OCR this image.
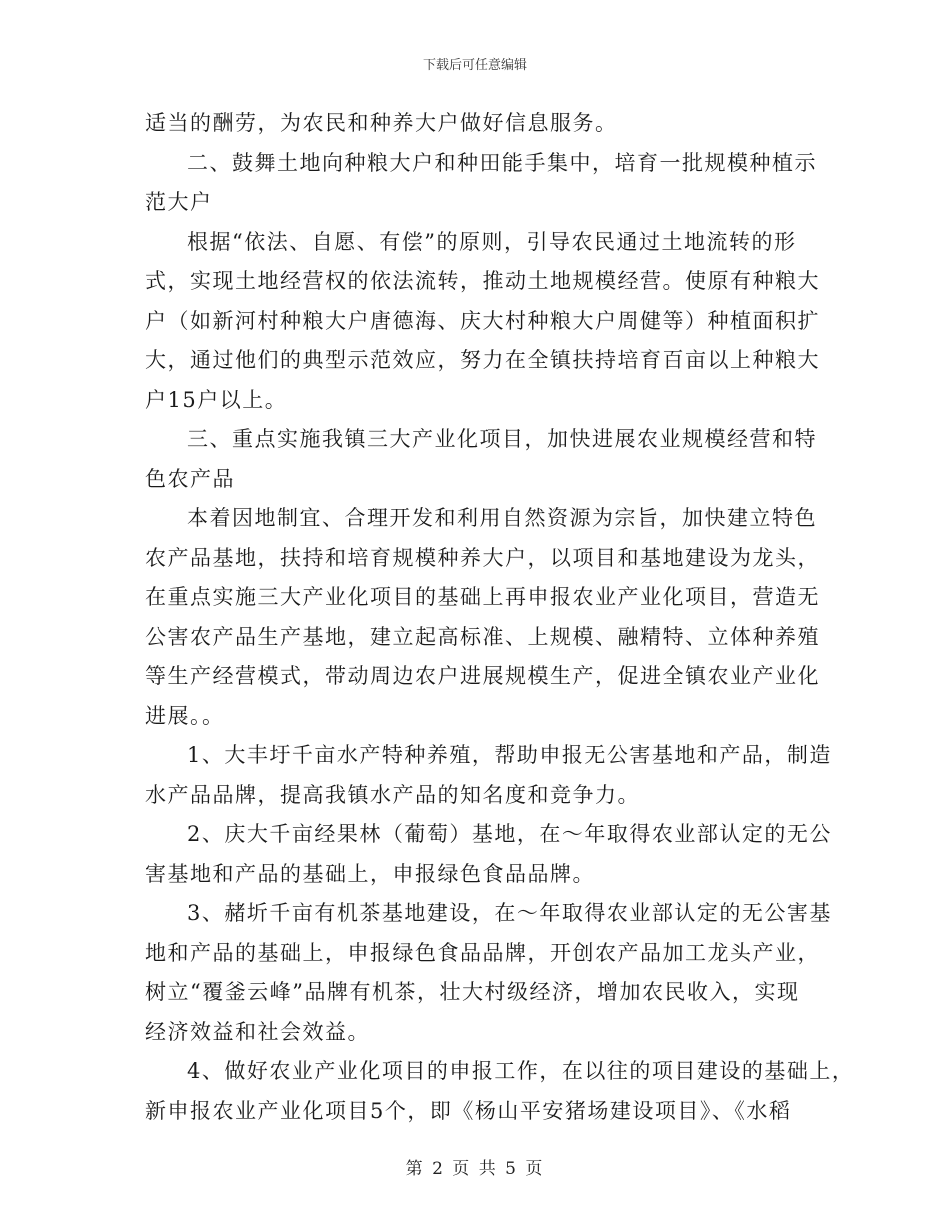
下载后可任意编辑

适当的酬劳，为农民和种养大户做好信息服务。

二、鼓舞土地向种粮大户和种田能手集中，培育一批规模种植示
范大户

根据“依法、自愿、有偿”的原则，引导农民通过土地流转的形
式，实现土地经营权的依法流转，推动土地规模经营。使原有种粮大
户（如新河村种粮大户唐德海、庆大村种粮大户周健等）种植面积扩
大，通过他们的典型示范效应，努力在全镇扶持培育百亩以上种粮大
户15户以上。

三、重点实施我镇三大产业化项目，加快进展农业规模经营和特
色农产品

本着因地制宜、合理开发和利用自然资源为宗旨，加快建立特色
农产品基地，扶持和培育规模种养大户，以项目和基地建设为龙头，
在重点实施三大产业化项目的基础上再申报农业产业化项目，营造无
公害农产品生产基地，建立起高标准、上规模、融精特、立体种养殖
等生产经营模式，带动周边农户进展规模生产，促进全镇农业产业化
进展。。

1、大丰圩千亩水产特种养殖，帮助申报无公害基地和产品，制造
水产品品牌，提高我镇水产品的知名度和竞争力。

2、庆大千亩经果林（葡萄）基地，在～年取得农业部认定的无公
害基地和产品的基础上，申报绿色食品品牌。

3、赭圻千亩有机茶基地建设，在～年取得农业部认定的无公害基
地和产品的基础上，申报绿色食品品牌，开创农产品加工龙头产业，
树立“覆釜云峰”品牌有机茶，壮大村级经济，增加农民收入，实现
经济效益和社会效益。

4、做好农业产业化项目的申报工作，在以往的项目建设的基础上，
新申报农业产业化项目5个，即《杨山平安猪场建设项目》、《水稻

第 2 页 共 5 页
